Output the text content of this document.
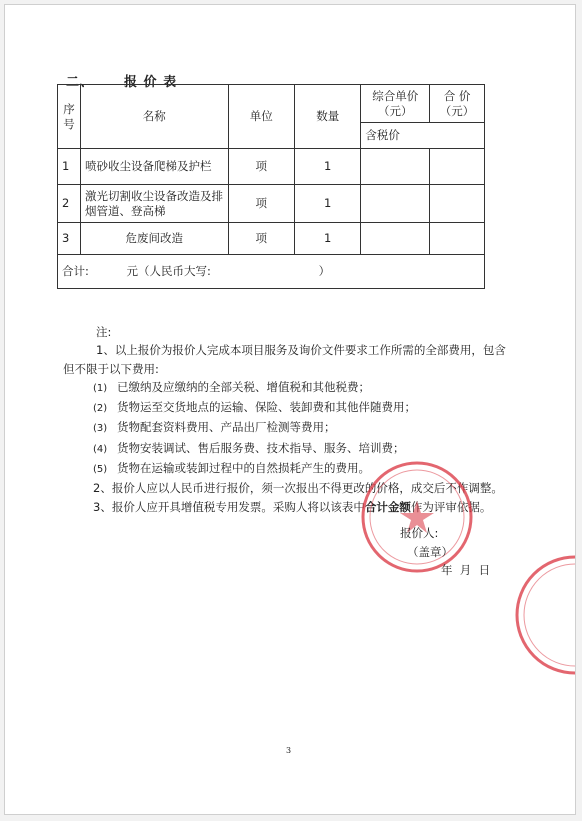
二、 报 价 表
序号	名称	单位	数量	综合单价（元）	合 价（元）
				含税价	
1	喷砂收尘设备爬梯及护栏	项	1		
2	激光切割收尘设备改造及排烟管道、登高梯	项	1		
3	危废间改造	项	1		
合计: 元（人民币大写: ）					

注:

1、以上报价为报价人完成本项目服务及询价文件要求工作所需的全部费用，包含

但不限于以下费用:

(1) 已缴纳及应缴纳的全部关税、增值税和其他税费；

(2) 货物运至交货地点的运输、保险、装卸费和其他伴随费用；

(3) 货物配套资料费用、产品出厂检测等费用；

(4) 货物安装调试、售后服务费、技术指导、服务、培训费；

(5) 货物在运输或装卸过程中的自然损耗产生的费用。

2、报价人应以人民币进行报价，须一次报出不得更改的价格，成交后不作调整。

3、报价人应开具增值税专用发票。采购人将以该表中合计金额作为评审依据。

报价人:
（盖章）
年  月  日
3
